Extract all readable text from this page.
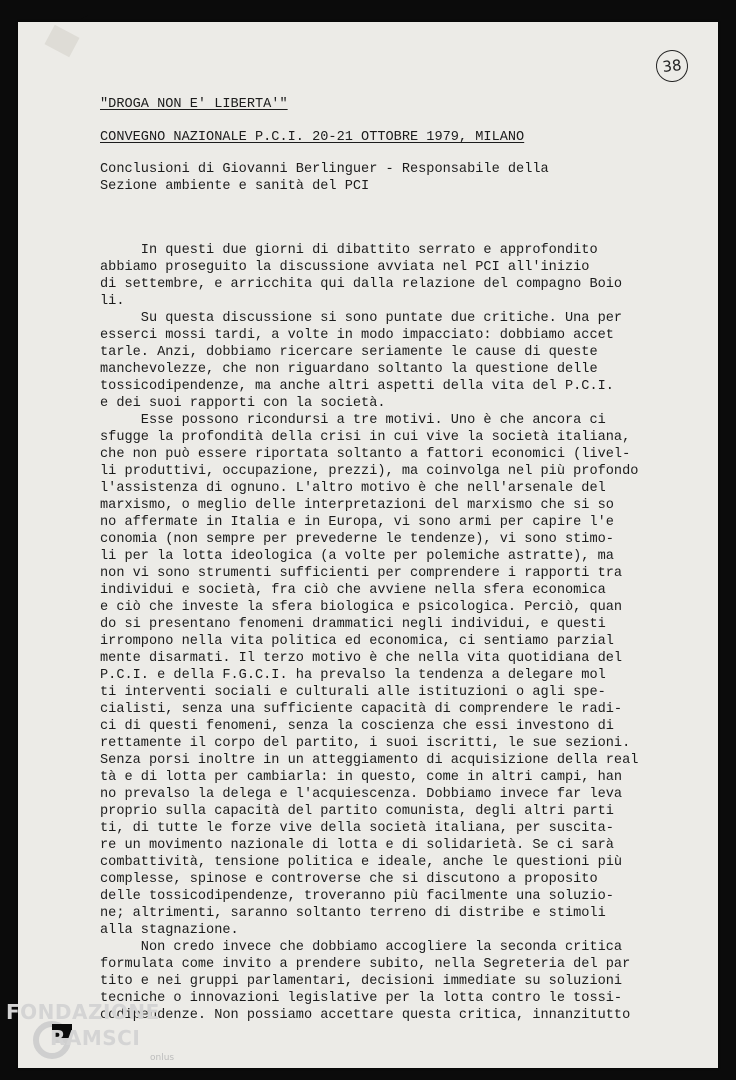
38

"DROGA NON E' LIBERTA'"

CONVEGNO NAZIONALE P.C.I. 20-21 OTTOBRE 1979, MILANO

Conclusioni di Giovanni Berlinguer - Responsabile della

Sezione ambiente e sanità del PCI

In questi due giorni di dibattito serrato e approfondito

abbiamo proseguito la discussione avviata nel PCI all'inizio

di settembre, e arricchita qui dalla relazione del compagno Boio

li.

Su questa discussione si sono puntate due critiche. Una per

esserci mossi tardi, a volte in modo impacciato: dobbiamo accet

tarle. Anzi, dobbiamo ricercare seriamente le cause di queste

manchevolezze, che non riguardano soltanto la questione delle

tossicodipendenze, ma anche altri aspetti della vita del P.C.I.

e dei suoi rapporti con la società.

Esse possono ricondursi a tre motivi. Uno è che ancora ci

sfugge la profondità della crisi in cui vive la società italiana,

che non può essere riportata soltanto a fattori economici (livel-

li produttivi, occupazione, prezzi), ma coinvolga nel più profondo

l'assistenza di ognuno. L'altro motivo è che nell'arsenale del

marxismo, o meglio delle interpretazioni del marxismo che si so

no affermate in Italia e in Europa, vi sono armi per capire l'e

conomia (non sempre per prevederne le tendenze), vi sono stimo-

li per la lotta ideologica (a volte per polemiche astratte), ma

non vi sono strumenti sufficienti per comprendere i rapporti tra

individui e società, fra ciò che avviene nella sfera economica

e ciò che investe la sfera biologica e psicologica. Perciò, quan

do si presentano fenomeni drammatici negli individui, e questi

irrompono nella vita politica ed economica, ci sentiamo parzial

mente disarmati. Il terzo motivo è che nella vita quotidiana del

P.C.I. e della F.G.C.I. ha prevalso la tendenza a delegare mol

ti interventi sociali e culturali alle istituzioni o agli spe-

cialisti, senza una sufficiente capacità di comprendere le radi-

ci di questi fenomeni, senza la coscienza che essi investono di

rettamente il corpo del partito, i suoi iscritti, le sue sezioni.

Senza porsi inoltre in un atteggiamento di acquisizione della real

tà e di lotta per cambiarla: in questo, come in altri campi, han

no prevalso la delega e l'acquiescenza. Dobbiamo invece far leva

proprio sulla capacità del partito comunista, degli altri parti

ti, di tutte le forze vive della società italiana, per suscita-

re un movimento nazionale di lotta e di solidarietà. Se ci sarà

combattività, tensione politica e ideale, anche le questioni più

complesse, spinose e controverse che si discutono a proposito

delle tossicodipendenze, troveranno più facilmente una soluzio-

ne; altrimenti, saranno soltanto terreno di distribe e stimoli

alla stagnazione.

Non credo invece che dobbiamo accogliere la seconda critica

formulata come invito a prendere subito, nella Segreteria del par

tito e nei gruppi parlamentari, decisioni immediate su soluzioni

tecniche o innovazioni legislative per la lotta contro le tossi-

codipendenze. Non possiamo accettare questa critica, innanzitutto

FONDAZIONE
RAMSCI
onlus
